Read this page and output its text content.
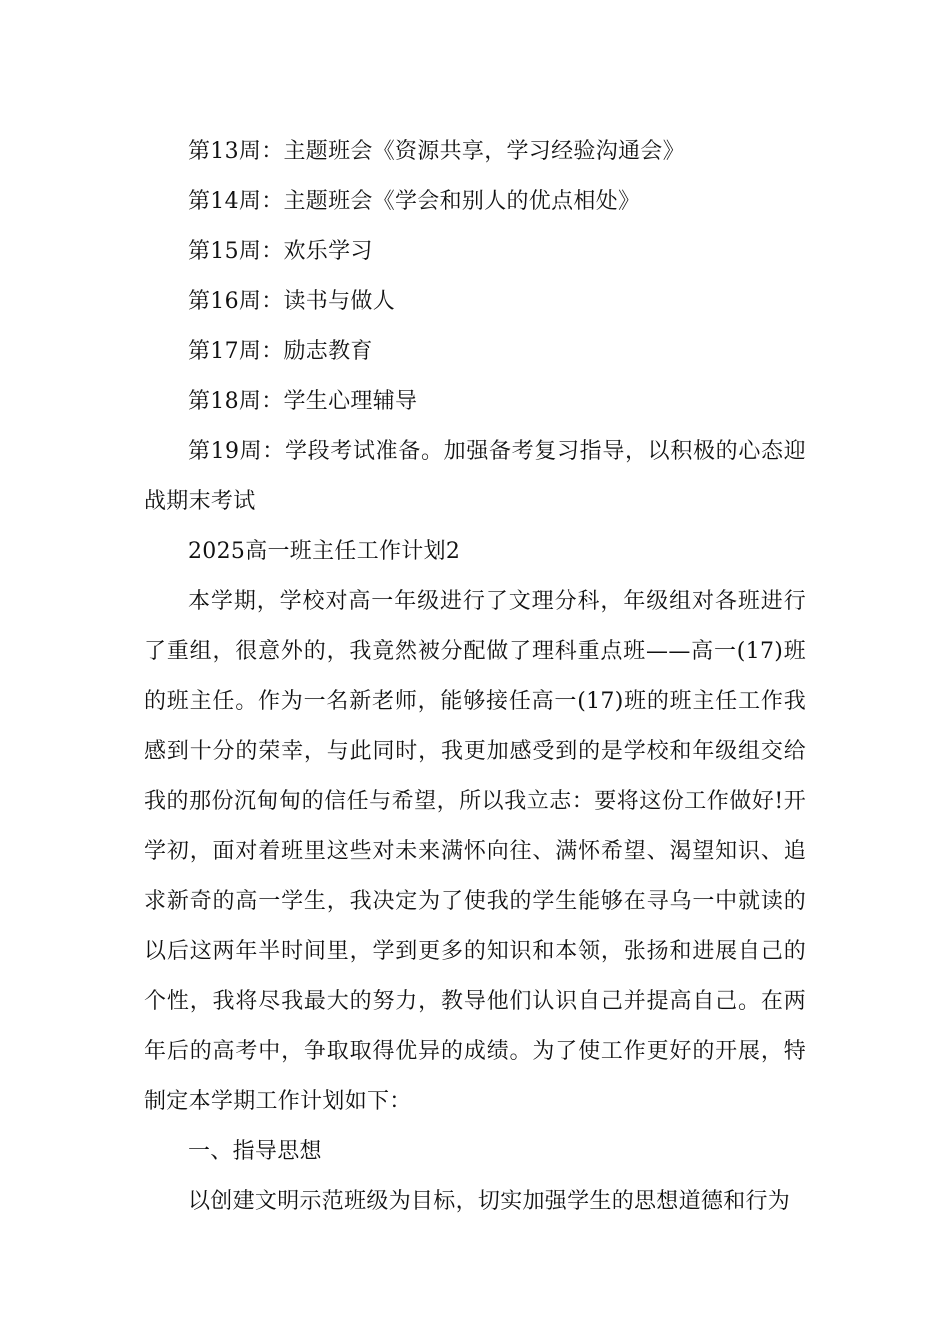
第13周：主题班会《资源共享，学习经验沟通会》

第14周：主题班会《学会和别人的优点相处》

第15周：欢乐学习

第16周：读书与做人

第17周：励志教育

第18周：学生心理辅导

第19周：学段考试准备。加强备考复习指导，以积极的心态迎战期末考试

2025高一班主任工作计划2

本学期，学校对高一年级进行了文理分科，年级组对各班进行了重组，很意外的，我竟然被分配做了理科重点班——高一(17)班的班主任。作为一名新老师，能够接任高一(17)班的班主任工作我感到十分的荣幸，与此同时，我更加感受到的是学校和年级组交给我的那份沉甸甸的信任与希望，所以我立志：要将这份工作做好!开学初，面对着班里这些对未来满怀向往、满怀希望、渴望知识、追求新奇的高一学生，我决定为了使我的学生能够在寻乌一中就读的以后这两年半时间里，学到更多的知识和本领，张扬和进展自己的个性，我将尽我最大的努力，教导他们认识自己并提高自己。在两年后的高考中，争取取得优异的成绩。为了使工作更好的开展，特制定本学期工作计划如下：

一、指导思想

以创建文明示范班级为目标，切实加强学生的思想道德和行为
